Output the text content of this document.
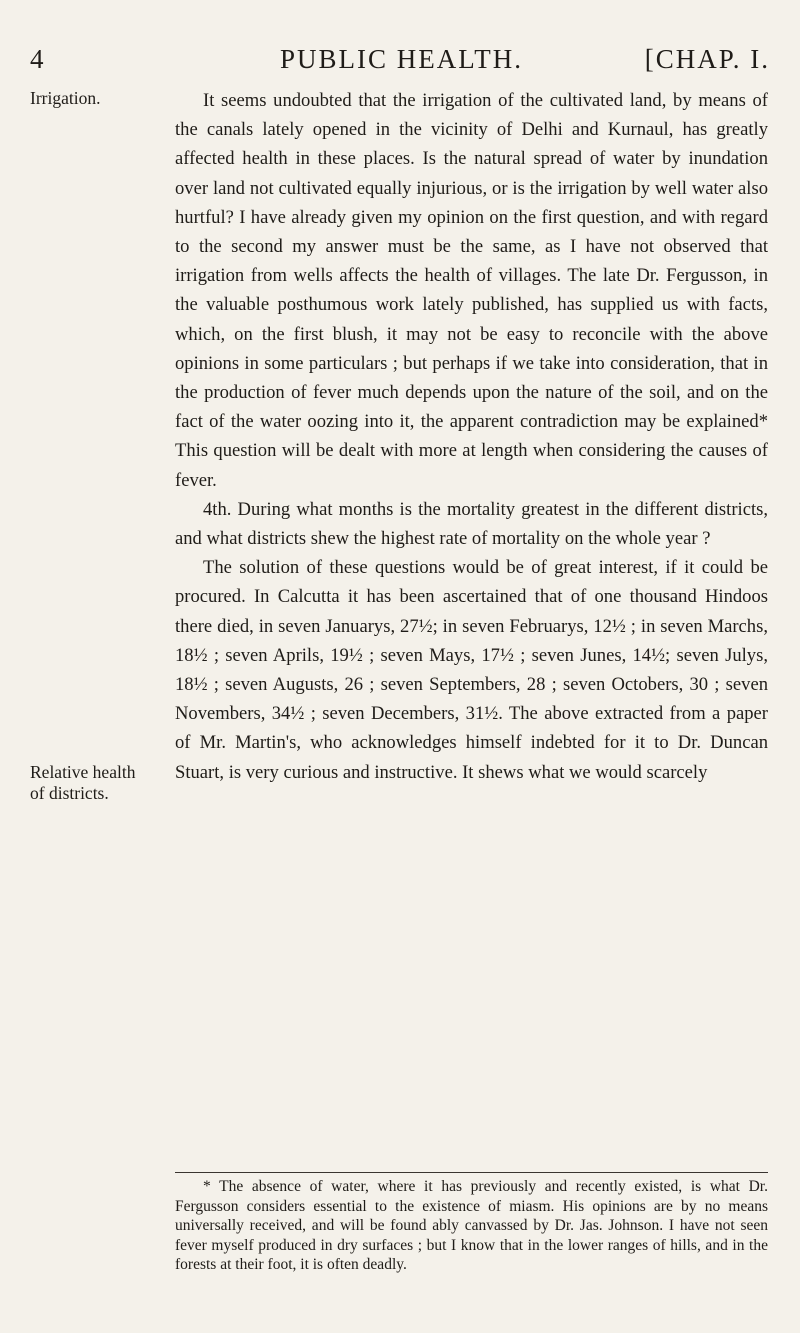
4	PUBLIC HEALTH.	[CHAP. I.
Irrigation.
Relative health
of districts.

It seems undoubted that the irrigation of the cultivated land, by means of the canals lately opened in the vicinity of Delhi and Kurnaul, has greatly affected health in these places. Is the natural spread of water by inundation over land not cultivated equally injurious, or is the irrigation by well water also hurtful? I have already given my opinion on the first question, and with regard to the second my answer must be the same, as I have not observed that irrigation from wells affects the health of villages. The late Dr. Fergusson, in the valuable posthumous work lately published, has supplied us with facts, which, on the first blush, it may not be easy to reconcile with the above opinions in some particulars ; but perhaps if we take into consideration, that in the production of fever much depends upon the nature of the soil, and on the fact of the water oozing into it, the apparent contradiction may be explained* This question will be dealt with more at length when considering the causes of fever.

4th. During what months is the mortality greatest in the different districts, and what districts shew the highest rate of mortality on the whole year ?

The solution of these questions would be of great interest, if it could be procured. In Calcutta it has been ascertained that of one thousand Hindoos there died, in seven Januarys, 27½; in seven Februarys, 12½ ; in seven Marchs, 18½ ; seven Aprils, 19½ ; seven Mays, 17½ ; seven Junes, 14½; seven Julys, 18½ ; seven Augusts, 26 ; seven Septembers, 28 ; seven Octobers, 30 ; seven Novembers, 34½ ; seven Decembers, 31½. The above extracted from a paper of Mr. Martin's, who acknowledges himself indebted for it to Dr. Duncan Stuart, is very curious and instructive. It shews what we would scarcely

* The absence of water, where it has previously and recently existed, is what Dr. Fergusson considers essential to the existence of miasm. His opinions are by no means universally received, and will be found ably canvassed by Dr. Jas. Johnson. I have not seen fever myself produced in dry surfaces ; but I know that in the lower ranges of hills, and in the forests at their foot, it is often deadly.
